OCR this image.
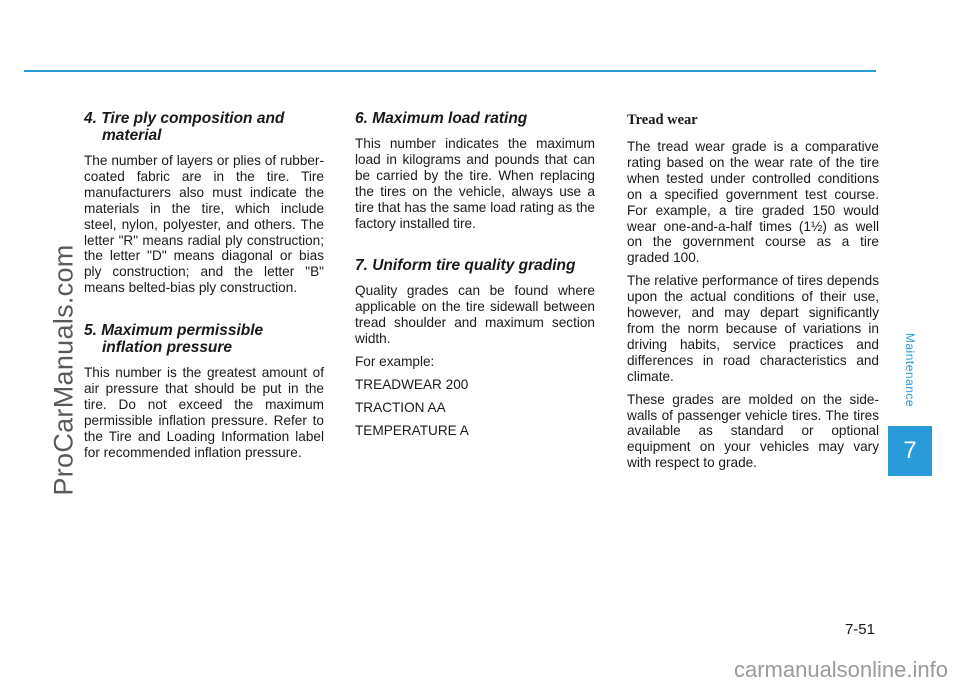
ProCarManuals.com	Maintenance
7
4. Tire ply composition and material

The number of layers or plies of rubber-coated fabric are in the tire. Tire manufacturers also must indicate the materials in the tire, which include steel, nylon, polyester, and others. The letter "R" means radial ply construction; the letter "D" means diagonal or bias ply construction; and the letter "B" means belted-bias ply construction.

5. Maximum permissible inflation pressure

This number is the greatest amount of air pressure that should be put in the tire. Do not exceed the maximum permissible inflation pressure. Refer to the Tire and Loading Information label for recommended inflation pressure.

6. Maximum load rating

This number indicates the maximum load in kilograms and pounds that can be carried by the tire. When replacing the tires on the vehicle, always use a tire that has the same load rating as the factory installed tire.

7. Uniform tire quality grading

Quality grades can be found where applicable on the tire sidewall between tread shoulder and maximum section width.

For example:

TREADWEAR 200

TRACTION AA

TEMPERATURE A

Tread wear

The tread wear grade is a comparative rating based on the wear rate of the tire when tested under controlled conditions on a specified government test course. For example, a tire graded 150 would wear one-and-a-half times (1½) as well on the government course as a tire graded 100.

The relative performance of tires depends upon the actual conditions of their use, however, and may depart significantly from the norm because of variations in driving habits, service practices and differences in road characteristics and climate.

These grades are molded on the side-walls of passenger vehicle tires. The tires available as standard or optional equipment on your vehicles may vary with respect to grade.

7-51
carmanualsonline.info
